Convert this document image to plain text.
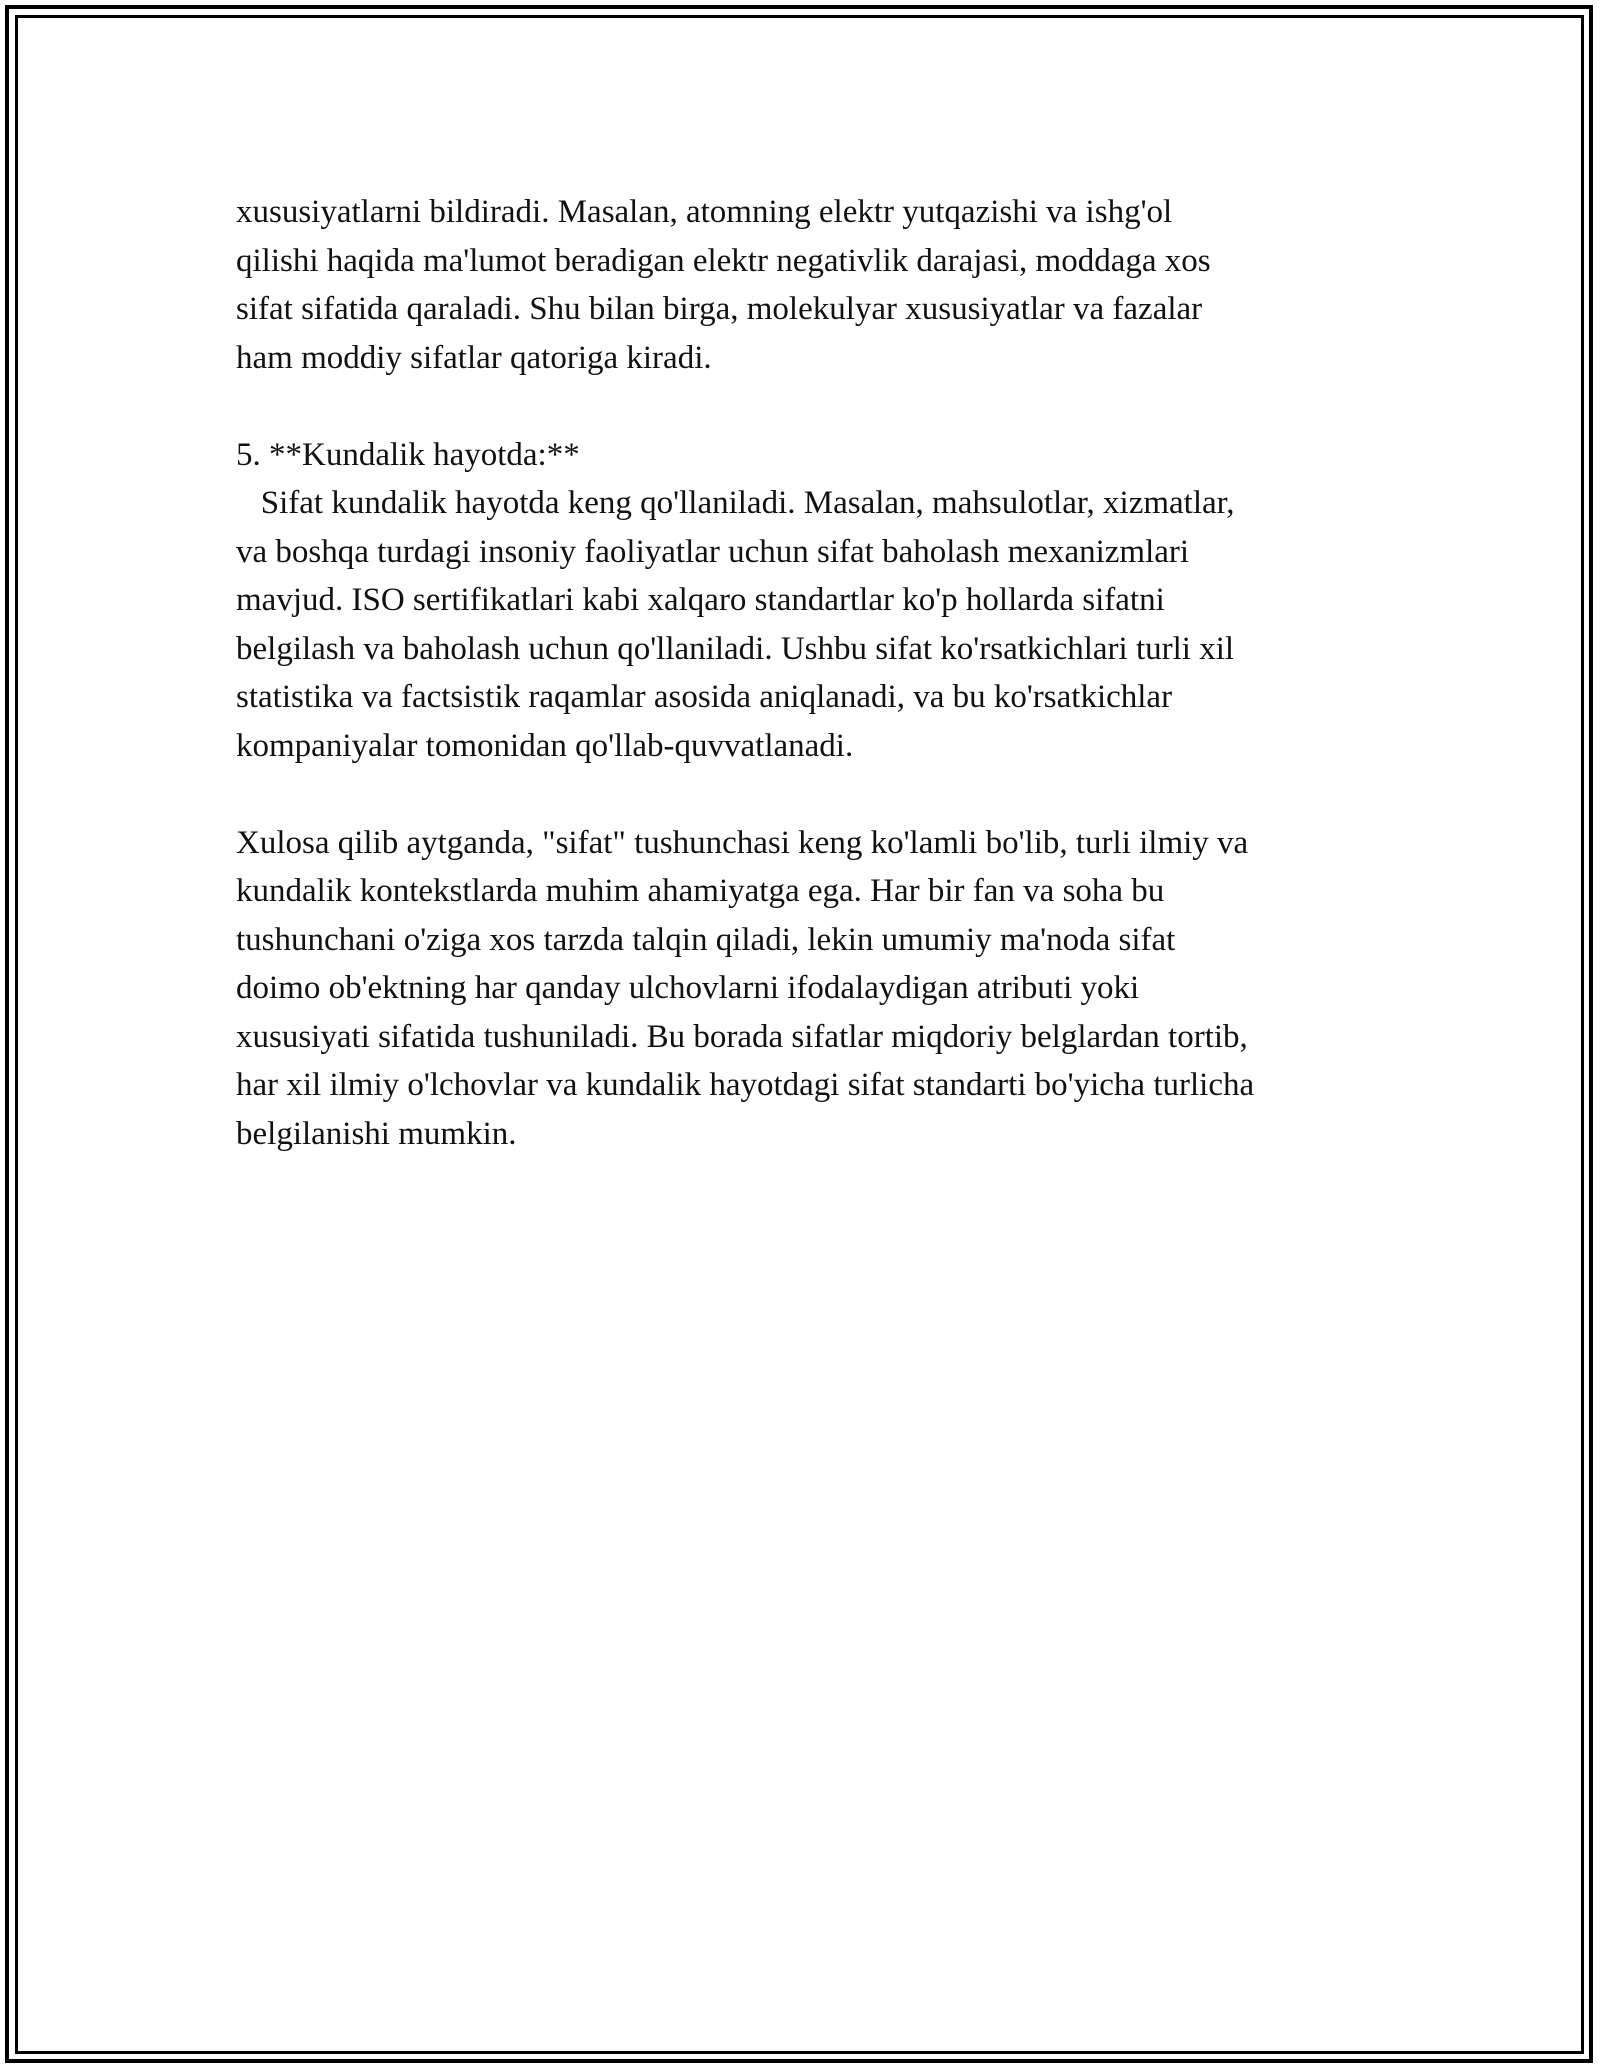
xususiyatlarni bildiradi. Masalan, atomning elektr yutqazishi va ishg'ol
qilishi haqida ma'lumot beradigan elektr negativlik darajasi, moddaga xos
sifat sifatida qaraladi. Shu bilan birga, molekulyar xususiyatlar va fazalar
ham moddiy sifatlar qatoriga kiradi.
5. **Kundalik hayotda:**
Sifat kundalik hayotda keng qo'llaniladi. Masalan, mahsulotlar, xizmatlar,
va boshqa turdagi insoniy faoliyatlar uchun sifat baholash mexanizmlari
mavjud. ISO sertifikatlari kabi xalqaro standartlar ko'p hollarda sifatni
belgilash va baholash uchun qo'llaniladi. Ushbu sifat ko'rsatkichlari turli xil
statistika va factsistik raqamlar asosida aniqlanadi, va bu ko'rsatkichlar
kompaniyalar tomonidan qo'llab-quvvatlanadi.
Xulosa qilib aytganda, "sifat" tushunchasi keng ko'lamli bo'lib, turli ilmiy va
kundalik kontekstlarda muhim ahamiyatga ega. Har bir fan va soha bu
tushunchani o'ziga xos tarzda talqin qiladi, lekin umumiy ma'noda sifat
doimo ob'ektning har qanday ulchovlarni ifodalaydigan atributi yoki
xususiyati sifatida tushuniladi. Bu borada sifatlar miqdoriy belglardan tortib,
har xil ilmiy o'lchovlar va kundalik hayotdagi sifat standarti bo'yicha turlicha
belgilanishi mumkin.
